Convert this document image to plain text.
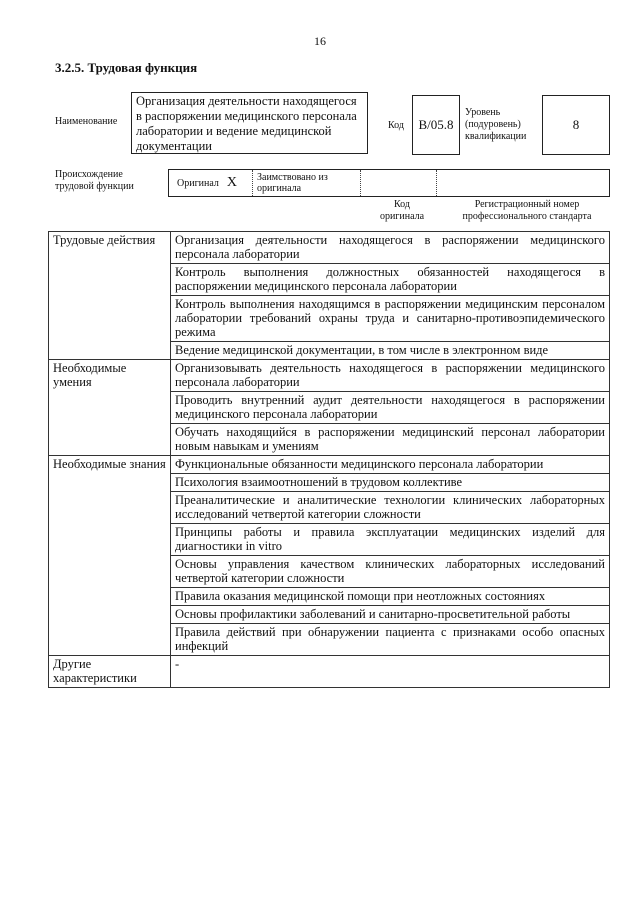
16
3.2.5. Трудовая функция
Наименование
Организация деятельности находящегося в распоряжении медицинского персонала лаборатории и ведение медицинской документации
Код	B/05.8
Уровень (подуровень) квалификации
8
Происхождение трудовой функции	Оригинал X	Заимствовано из оригинала
Код оригинала
Регистрационный номер профессионального стандарта
Трудовые действия	Организация деятельности находящегося в распоряжении медицинского персонала лаборатории
	Контроль выполнения должностных обязанностей находящегося в распоряжении медицинского персонала лаборатории
	Контроль выполнения находящимся в распоряжении медицинским персоналом лаборатории требований охраны труда и санитарно-противоэпидемического режима
	Ведение медицинской документации, в том числе в электронном виде
Необходимые умения	Организовывать деятельность находящегося в распоряжении медицинского персонала лаборатории
	Проводить внутренний аудит деятельности находящегося в распоряжении медицинского персонала лаборатории
	Обучать находящийся в распоряжении медицинский персонал лаборатории новым навыкам и умениям
Необходимые знания	Функциональные обязанности медицинского персонала лаборатории
	Психология взаимоотношений в трудовом коллективе
	Преаналитические и аналитические технологии клинических лабораторных исследований четвертой категории сложности
	Принципы работы и правила эксплуатации медицинских изделий для диагностики in vitro
	Основы управления качеством клинических лабораторных исследований четвертой категории сложности
	Правила оказания медицинской помощи при неотложных состояниях
	Основы профилактики заболеваний и санитарно-просветительной работы
	Правила действий при обнаружении пациента с признаками особо опасных инфекций
Другие характеристики	-
